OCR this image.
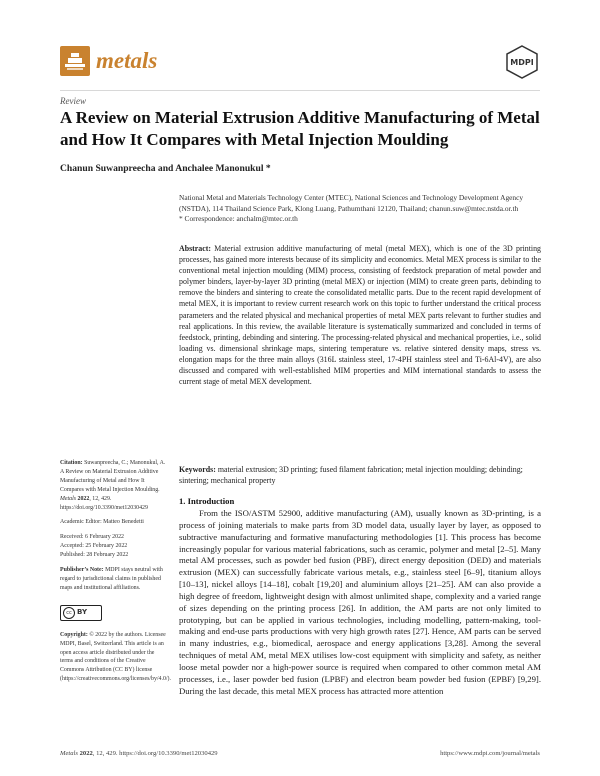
metals	MDPI
Review
A Review on Material Extrusion Additive Manufacturing of Metal and How It Compares with Metal Injection Moulding
Chanun Suwanpreecha and Anchalee Manonukul *
National Metal and Materials Technology Center (MTEC), National Sciences and Technology Development Agency (NSTDA), 114 Thailand Science Park, Klong Luang, Pathumthani 12120, Thailand; chanun.suw@mtec.nstda.or.th
* Correspondence: anchalm@mtec.or.th

Abstract: Material extrusion additive manufacturing of metal (metal MEX), which is one of the 3D printing processes, has gained more interests because of its simplicity and economics. Metal MEX process is similar to the conventional metal injection moulding (MIM) process, consisting of feedstock preparation of metal powder and polymer binders, layer-by-layer 3D printing (metal MEX) or injection (MIM) to create green parts, debinding to remove the binders and sintering to create the consolidated metallic parts. Due to the recent rapid development of metal MEX, it is important to review current research work on this topic to further understand the critical process parameters and the related physical and mechanical properties of metal MEX parts relevant to further studies and real applications. In this review, the available literature is systematically summarized and concluded in terms of feedstock, printing, debinding and sintering. The processing-related physical and mechanical properties, i.e., solid loading vs. dimensional shrinkage maps, sintering temperature vs. relative sintered density maps, stress vs. elongation maps for the three main alloys (316L stainless steel, 17-4PH stainless steel and Ti-6Al-4V), are also discussed and compared with well-established MIM properties and MIM international standards to assess the current stage of metal MEX development.

Keywords: material extrusion; 3D printing; fused filament fabrication; metal injection moulding; debinding; sintering; mechanical property

Citation: Suwanpreecha, C.; Manonukul, A. A Review on Material Extrusion Additive Manufacturing of Metal and How It Compares with Metal Injection Moulding. Metals 2022, 12, 429. https://doi.org/10.3390/met12030429

Academic Editor: Matteo Benedetti

Received: 6 February 2022

Accepted: 25 February 2022

Published: 28 February 2022

Publisher’s Note: MDPI stays neutral with regard to jurisdictional claims in published maps and institutional affiliations.

cc BY

Copyright: © 2022 by the authors. Licensee MDPI, Basel, Switzerland. This article is an open access article distributed under the terms and conditions of the Creative Commons Attribution (CC BY) license (https://creativecommons.org/licenses/by/4.0/).

1. Introduction

From the ISO/ASTM 52900, additive manufacturing (AM), usually known as 3D-printing, is a process of joining materials to make parts from 3D model data, usually layer by layer, as opposed to subtractive manufacturing and formative manufacturing methodologies [1]. This process has become increasingly popular for various material fabrications, such as ceramic, polymer and metal [2–5]. Many metal AM processes, such as powder bed fusion (PBF), direct energy deposition (DED) and materials extrusion (MEX) can successfully fabricate various metals, e.g., stainless steel [6–9], titanium alloys [10–13], nickel alloys [14–18], cobalt [19,20] and aluminium alloys [21–25]. AM can also provide a high degree of freedom, lightweight design with almost unlimited shape, complexity and a varied range of sizes depending on the printing process [26]. In addition, the AM parts are not only limited to prototyping, but can be applied in various technologies, including modelling, pattern-making, tool-making and end-use parts productions with very high growth rates [27]. Hence, AM parts can be served in many industries, e.g., biomedical, aerospace and energy applications [3,28]. Among the several techniques of metal AM, metal MEX utilises low-cost equipment with simplicity and safety, as neither loose metal powder nor a high-power source is required when compared to other common metal AM processes, i.e., laser powder bed fusion (LPBF) and electron beam powder bed fusion (EPBF) [9,29]. During the last decade, this metal MEX process has attracted more attention

Metals 2022, 12, 429. https://doi.org/10.3390/met12030429	https://www.mdpi.com/journal/metals
